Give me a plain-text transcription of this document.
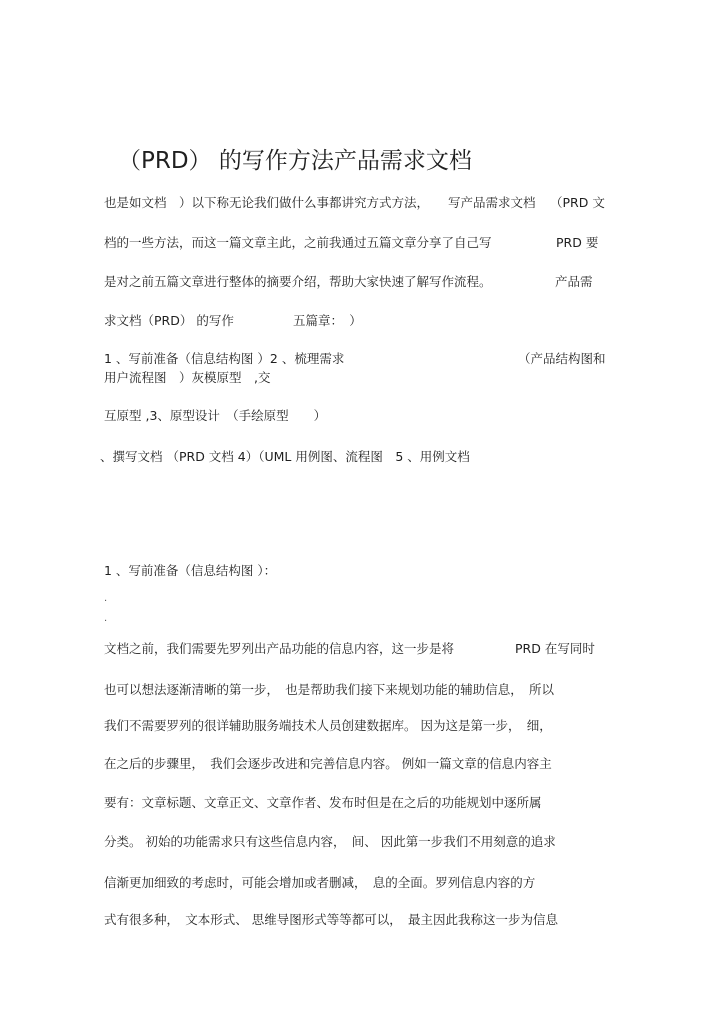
（PRD） 的写作方法产品需求文档
也是如文档　）以下称无论我们做什么事都讲究方式方法， 写产品需求文档 （PRD 文
档的一些方法，而这一篇文章主此，之前我通过五篇文章分享了自己写	PRD 要
是对之前五篇文章进行整体的摘要介绍，帮助大家快速了解写作流程。	产品需
求文档（PRD） 的写作	五篇章：　）
1 、写前准备（信息结构图 ）2 、梳理需求	（产品结构图和
用户流程图　）灰模原型　,交
互原型 ,3、原型设计　（手绘原型　　）
、撰写文档 （PRD 文档 4）（UML 用例图、流程图　5 、用例文档
1 、写前准备（信息结构图 ）：
.
.
文档之前，我们需要先罗列出产品功能的信息内容，这一步是将	PRD 在写同时
也可以想法逐渐清晰的第一步，　也是帮助我们接下来规划功能的辅助信息，　所以
我们不需要罗列的很详辅助服务端技术人员创建数据库。 因为这是第一步，　细，
在之后的步骤里，　我们会逐步改进和完善信息内容。 例如一篇文章的信息内容主
要有：文章标题、文章正文、文章作者、发布时但是在之后的功能规划中逐所属
分类。 初始的功能需求只有这些信息内容，　间、 因此第一步我们不用刻意的追求
信渐更加细致的考虑时，可能会增加或者删减，　息的全面。罗列信息内容的方
式有很多种，　文本形式、 思维导图形式等等都可以，　最主因此我称这一步为信息
